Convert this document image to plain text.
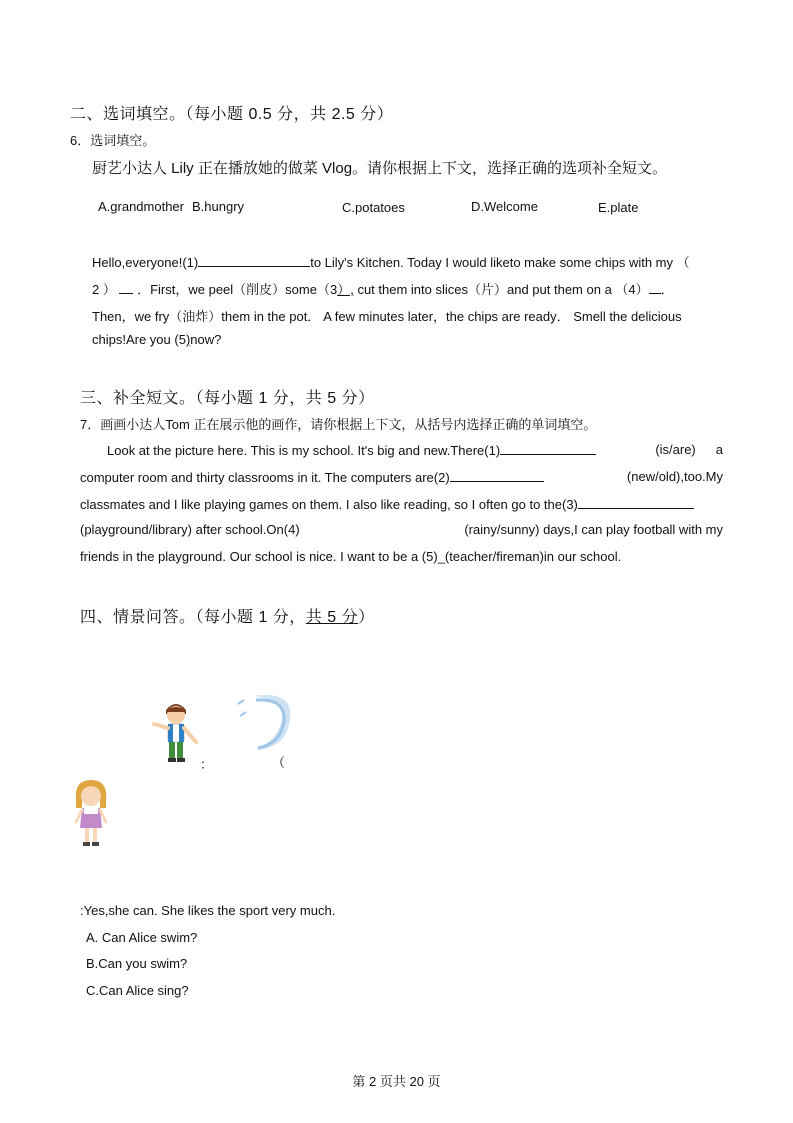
二、选词填空。（每小题 0.5 分，共 2.5 分）
6．选词填空。
厨艺小达人 Lily 正在播放她的做菜 Vlog。请你根据上下文，选择正确的选项补全短文。
A.grandmother B.hungry	C.potatoes	D.Welcome	E.plate
Hello,everyone!(1)	to Lily's Kitchen. Today I would liketo make some chips with my （
2 ） ．First，we peel（削皮）some（3）, cut them into slices（片）and put them on a （4） ．
Then，we fry（油炸）them in the pot． A few minutes later，the chips are ready． Smell the delicious
chips!Are you (5)now?
三、补全短文。（每小题 1 分，共 5 分）
7．画画小达人Tom 正在展示他的画作，请你根据上下文，从括号内选择正确的单词填空。
Look at the picture here. This is my school. It's big and new.There(1)	(is/are) a
computer room and thirty classrooms in it. The computers are(2)	(new/old),too.My
classmates and I like playing games on them. I also like reading, so I often go to the(3)
(playground/library) after school.On(4)	(rainy/sunny) days,I can play football with my
friends in the playground. Our school is nice. I want to be a (5)_(teacher/fireman)in our school.
四、情景问答。（每小题 1 分，共 5 分）
：	（
:Yes,she can. She likes the sport very much.
A. Can Alice swim?
B.Can you swim?
C.Can Alice sing?
第 2 页共 20 页
